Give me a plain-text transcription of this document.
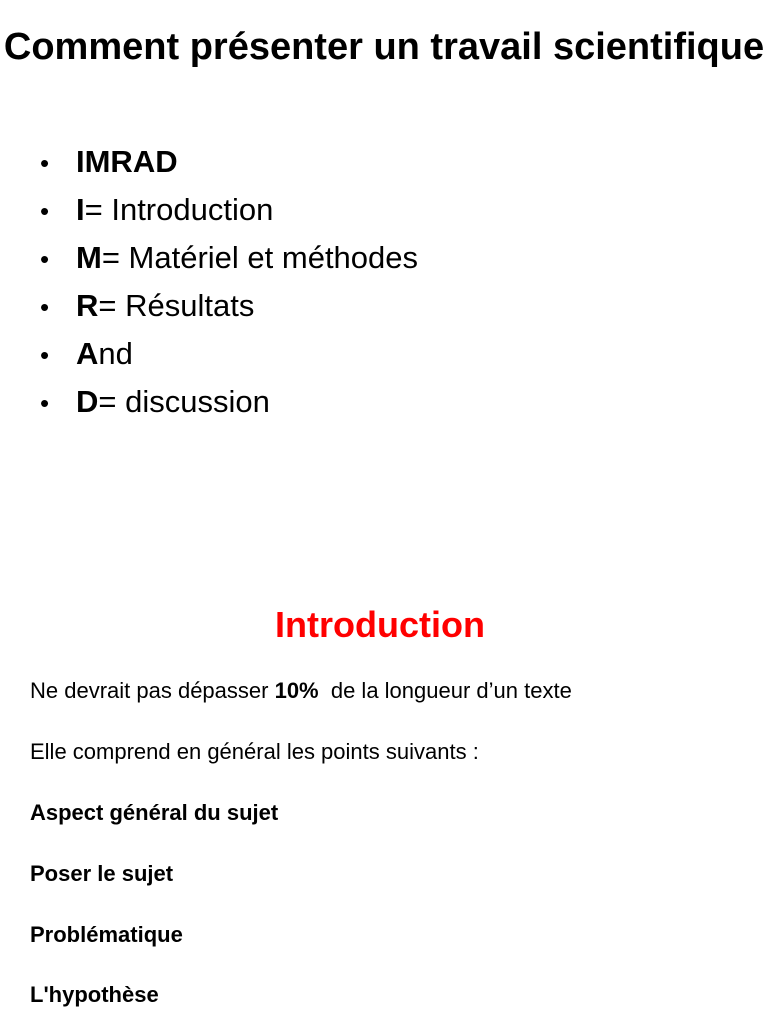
Comment présenter un travail scientifique
• IMRAD
• I = Introduction
• M = Matériel et méthodes
• R = Résultats
• A nd
• D = discussion
Introduction

Ne devrait pas dépasser 10%  de la longueur d’un texte

Elle comprend en général les points suivants :

Aspect général du sujet

Poser le sujet

Problématique

L'hypothèse
